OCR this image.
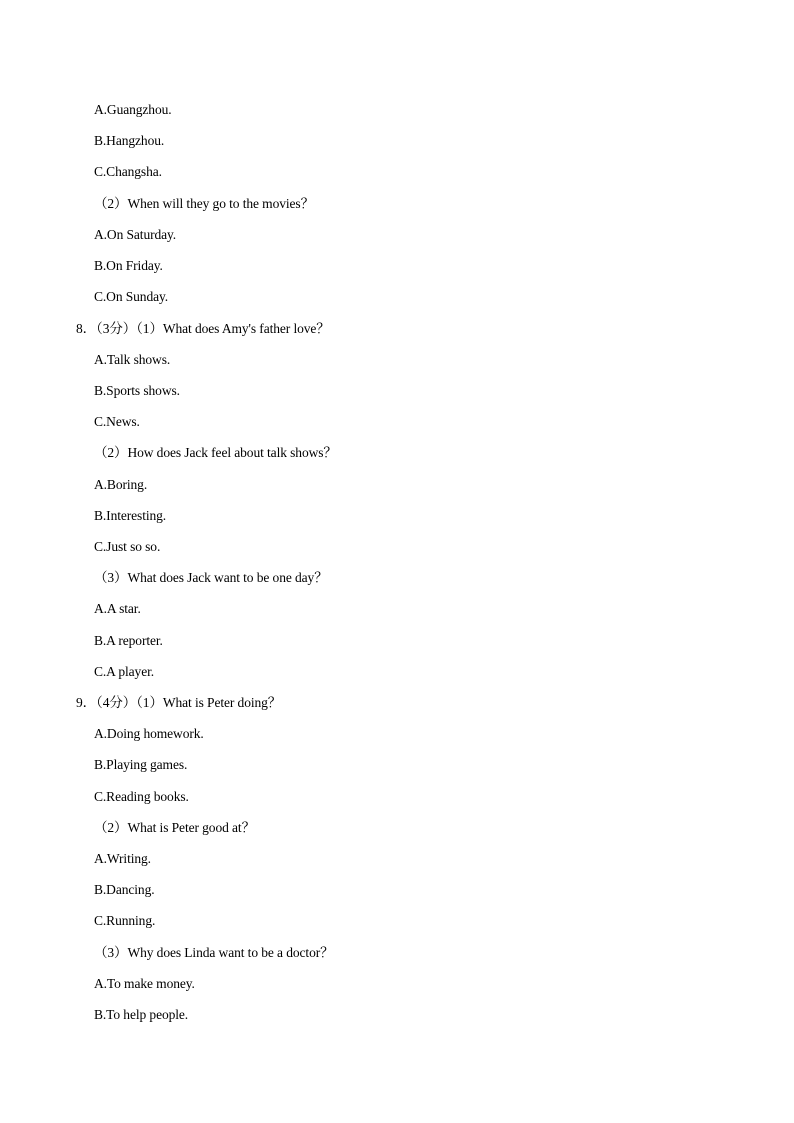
A.Guangzhou.
B.Hangzhou.
C.Changsha.
（2）When will they go to the movies？
A.On Saturday.
B.On Friday.
C.On Sunday.
8．（3分）（1）What does Amy's father love？
A.Talk shows.
B.Sports shows.
C.News.
（2）How does Jack feel about talk shows？
A.Boring.
B.Interesting.
C.Just so so.
（3）What does Jack want to be one day？
A.A star.
B.A reporter.
C.A player.
9．（4分）（1）What is Peter doing？
A.Doing homework.
B.Playing games.
C.Reading books.
（2）What is Peter good at？
A.Writing.
B.Dancing.
C.Running.
（3）Why does Linda want to be a doctor？
A.To make money.
B.To help people.
